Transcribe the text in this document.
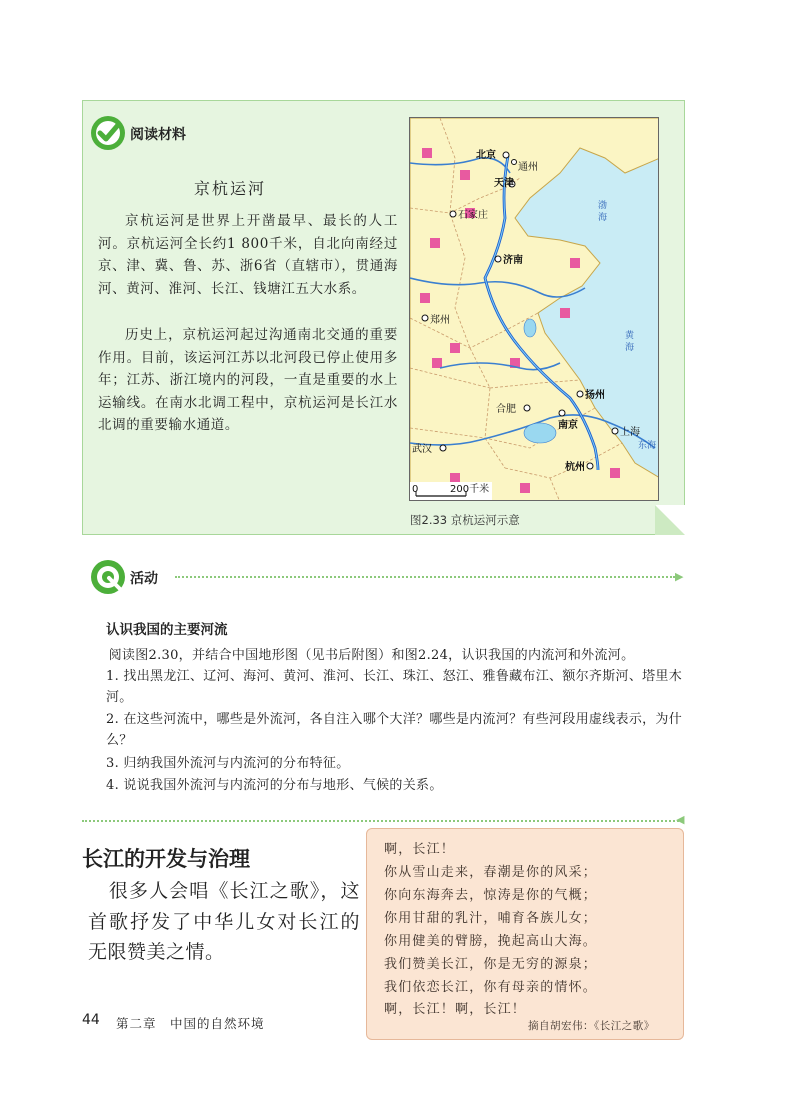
阅读材料
京杭运河

京杭运河是世界上开凿最早、最长的人工河。京杭运河全长约1 800千米，自北向南经过京、津、冀、鲁、苏、浙6省（直辖市），贯通海河、黄河、淮河、长江、钱塘江五大水系。

历史上，京杭运河起过沟通南北交通的重要作用。目前，该运河江苏以北河段已停止使用多年；江苏、浙江境内的河段，一直是重要的水上运输线。在南水北调工程中，京杭运河是长江水北调的重要输水通道。

渤
海
黄
海
东海
北京
通州
天津
石家庄
济南
郑州
扬州
合肥
南京
上海
武汉
杭州
0	200千米
图2.33 京杭运河示意
活动	▶
认识我国的主要河流

阅读图2.30，并结合中国地形图（见书后附图）和图2.24，认识我国的内流河和外流河。

1. 找出黑龙江、辽河、海河、黄河、淮河、长江、珠江、怒江、雅鲁藏布江、额尔齐斯河、塔里木河。

2. 在这些河流中，哪些是外流河，各自注入哪个大洋？哪些是内流河？有些河段用虚线表示，为什么？

3. 归纳我国外流河与内流河的分布特征。

4. 说说我国外流河与内流河的分布与地形、气候的关系。

◀
长江的开发与治理

很多人会唱《长江之歌》，这首歌抒发了中华儿女对长江的无限赞美之情。

啊，长江！
你从雪山走来，春潮是你的风采；
你向东海奔去，惊涛是你的气概；
你用甘甜的乳汁，哺育各族儿女；
你用健美的臂膀，挽起高山大海。
我们赞美长江，你是无穷的源泉；
我们依恋长江，你有母亲的情怀。
啊，长江！啊，长江！
摘自胡宏伟：《长江之歌》
44 第二章　中国的自然环境
